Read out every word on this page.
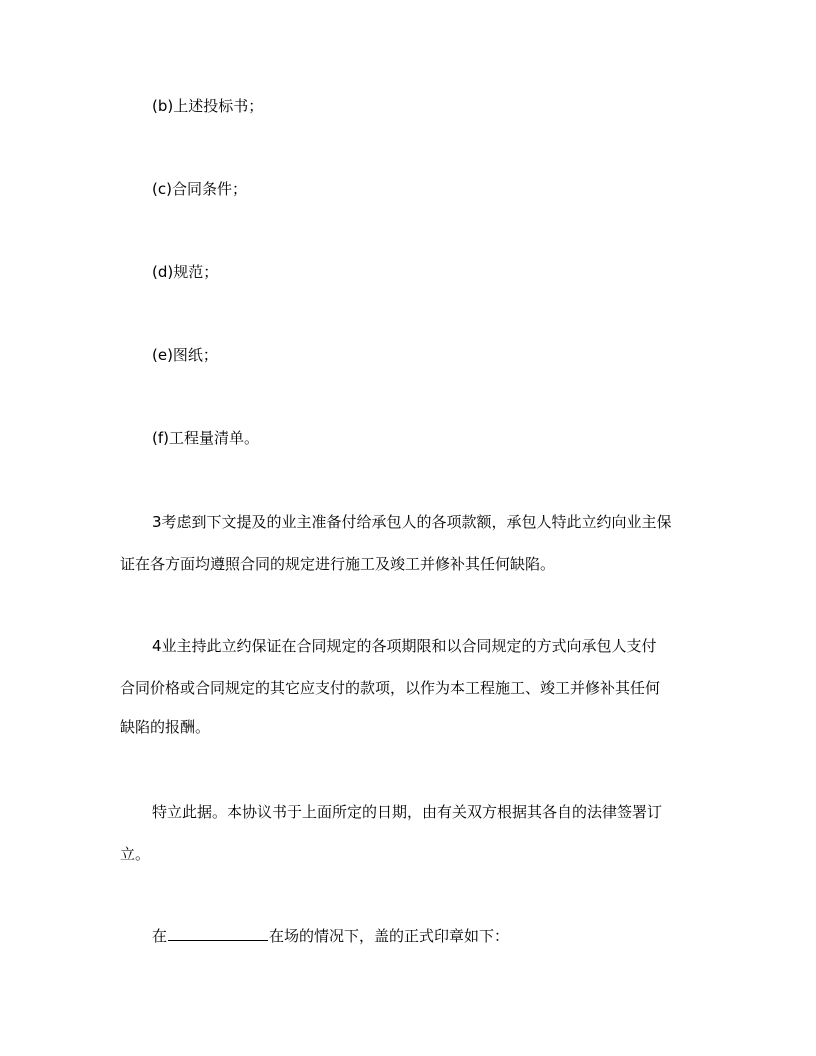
(b)上述投标书；
(c)合同条件；
(d)规范；
(e)图纸；
(f)工程量清单。
3考虑到下文提及的业主准备付给承包人的各项款额，承包人特此立约向业主保
证在各方面均遵照合同的规定进行施工及竣工并修补其任何缺陷。
4业主持此立约保证在合同规定的各项期限和以合同规定的方式向承包人支付
合同价格或合同规定的其它应支付的款项，以作为本工程施工、竣工并修补其任何
缺陷的报酬。
特立此据。本协议书于上面所定的日期，由有关双方根据其各自的法律签署订
立。
在	在场的情况下，盖的正式印章如下：
